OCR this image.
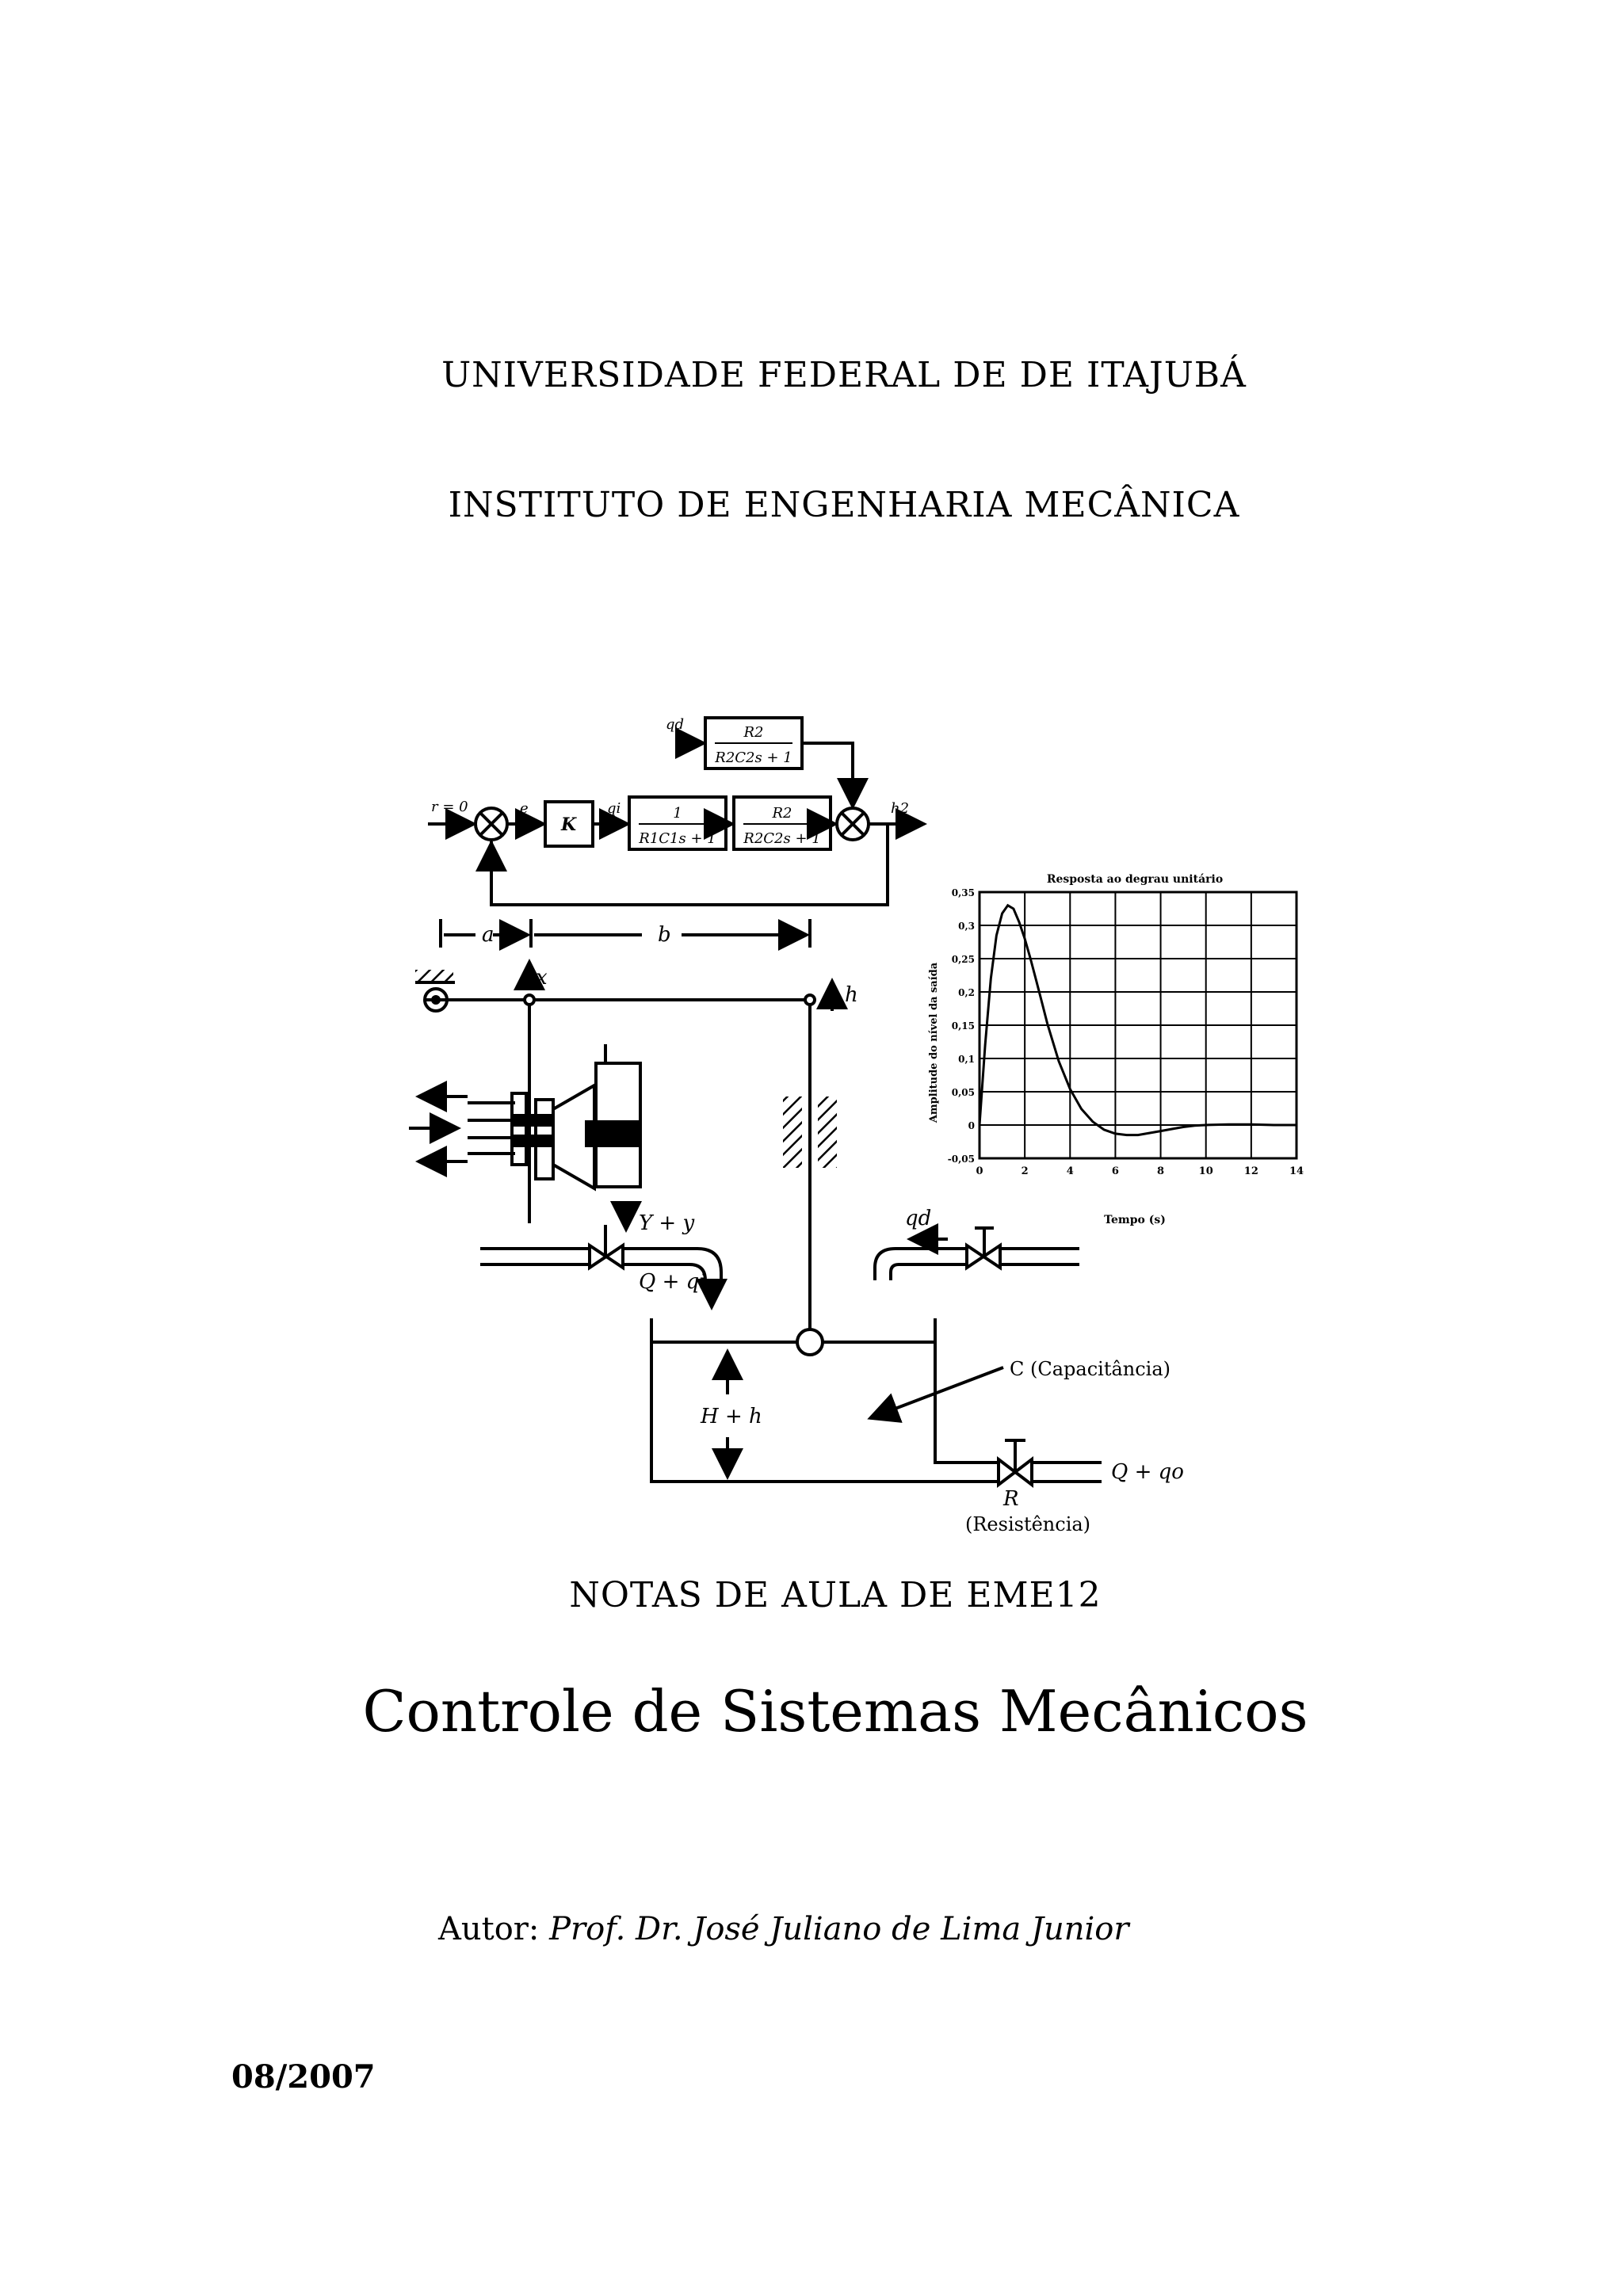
UNIVERSIDADE FEDERAL DE DE ITAJUBÁ
INSTITUTO DE ENGENHARIA MECÂNICA
r = 0	e
K
qi	1
R1C1s + 1
R2
R2C2s + 1
R2
R2C2s + 1
qd
h2
a	b
x
h
Y + y
Q + qi
qd
H + h
C (Capacitância)
R
(Resistência)
Q + qo
Resposta ao degrau unitário
Tempo (s)
Amplitude do nível da saída
0	2	4	6	8	10	12	14
0,35
0,3
0,25
0,2
0,15
0,1
0,05
0
-0,05
NOTAS DE AULA DE EME12
Controle de Sistemas Mecânicos
Autor: Prof. Dr. José Juliano de Lima Junior
08/2007
